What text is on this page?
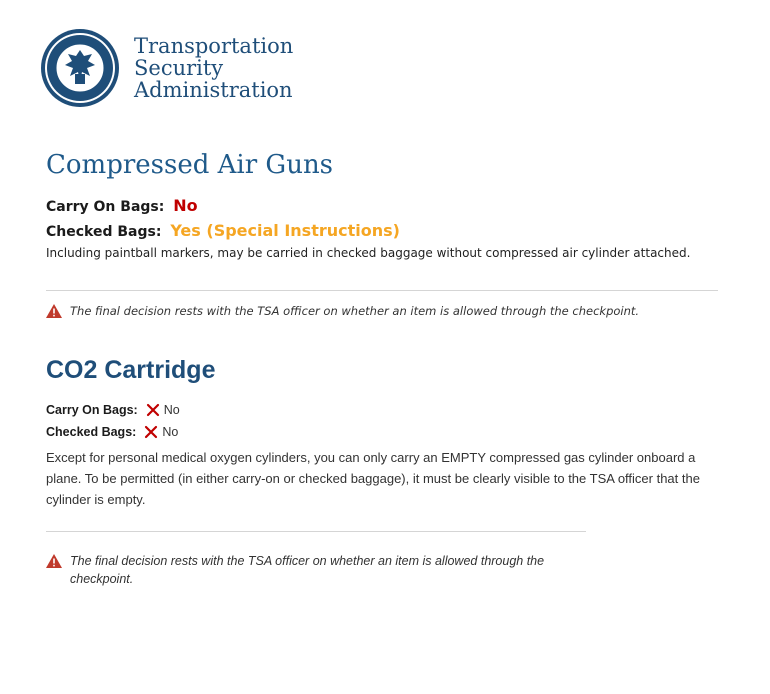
Transportation
Security
Administration
Compressed Air Guns
Carry On Bags: No
Checked Bags: Yes (Special Instructions)
Including paintball markers, may be carried in checked baggage without compressed air cylinder attached.
The final decision rests with the TSA officer on whether an item is allowed through the checkpoint.
CO2 Cartridge
Carry On Bags: No
Checked Bags: No
Except for personal medical oxygen cylinders, you can only carry an EMPTY compressed gas cylinder onboard a plane. To be permitted (in either carry-on or checked baggage), it must be clearly visible to the TSA officer that the cylinder is empty.
The final decision rests with the TSA officer on whether an item is allowed through the checkpoint.
